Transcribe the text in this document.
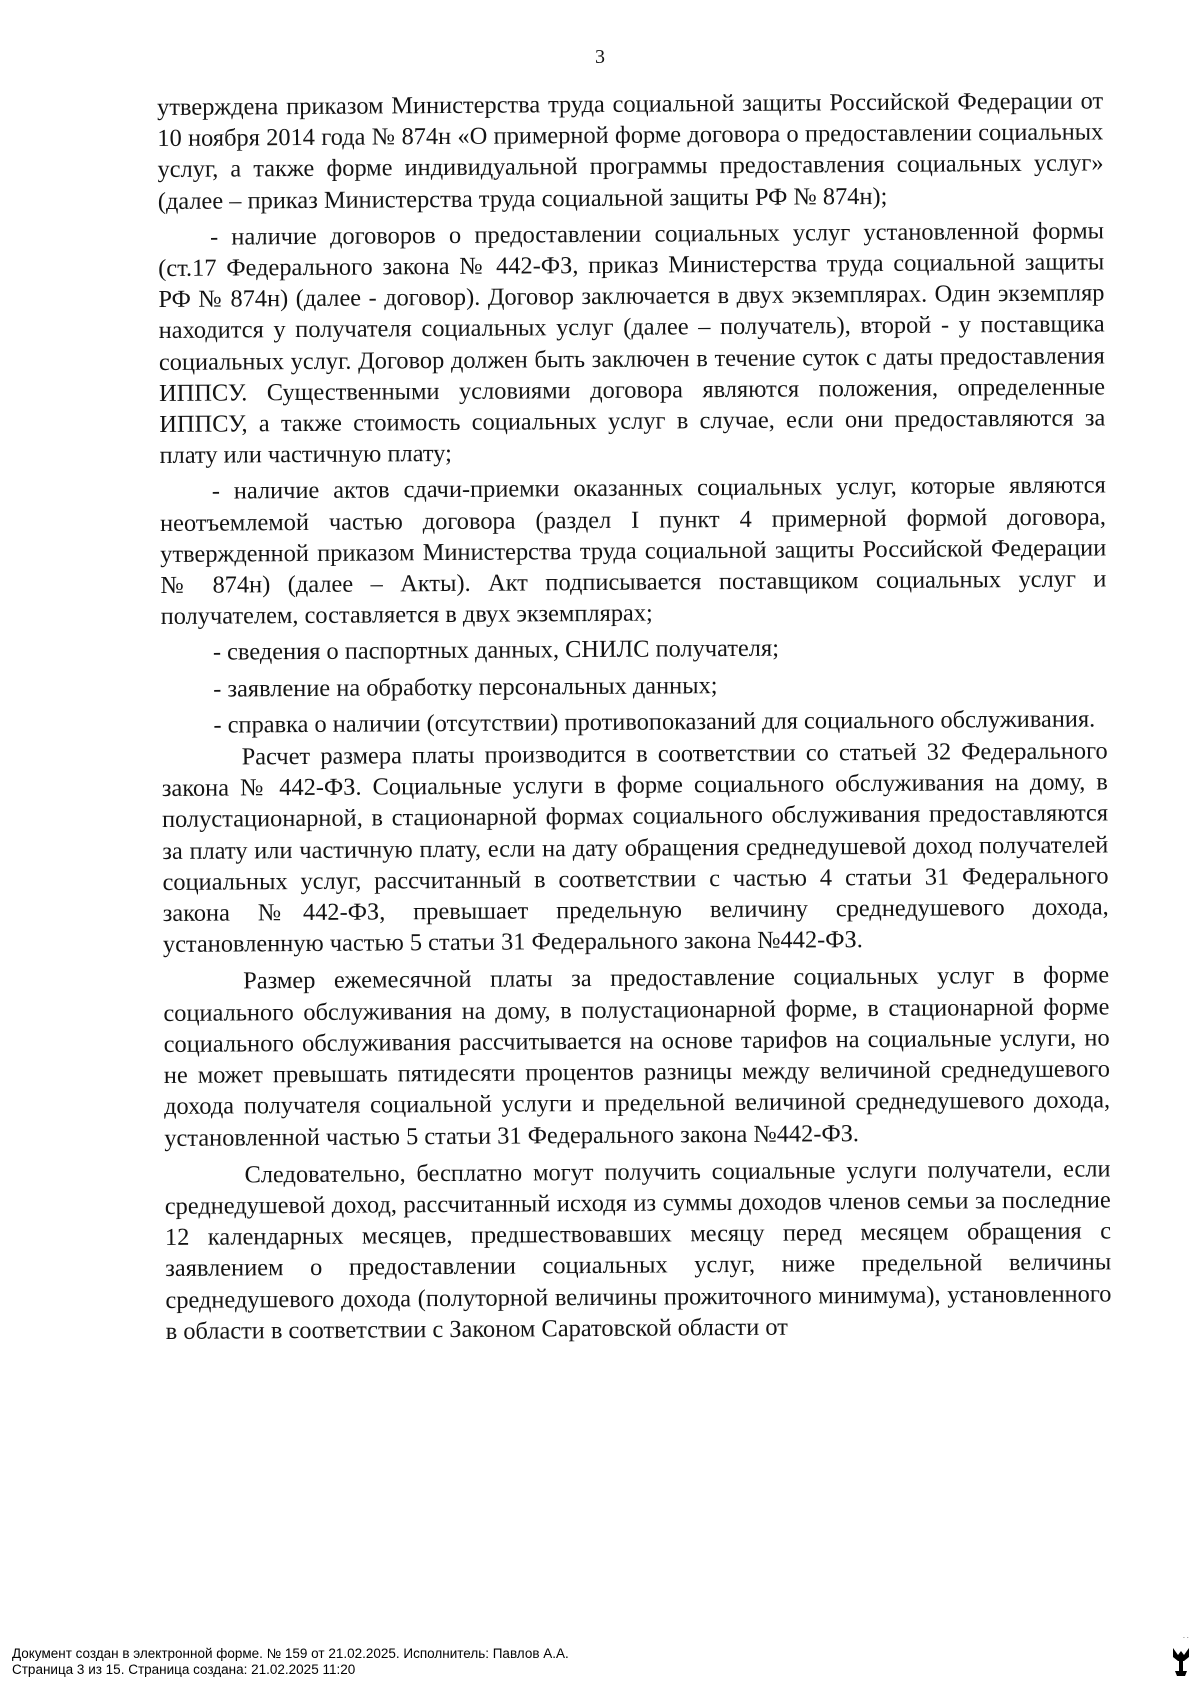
3

утверждена приказом Министерства труда социальной защиты Российской Федерации от 10 ноября 2014 года № 874н «О примерной форме договора о предоставлении социальных услуг, а также форме индивидуальной программы предоставления социальных услуг» (далее – приказ Министерства труда социальной защиты РФ № 874н);

- наличие договоров о предоставлении социальных услуг установленной формы (ст.17 Федерального закона № 442-ФЗ, приказ Министерства труда социальной защиты РФ № 874н) (далее - договор). Договор заключается в двух экземплярах. Один экземпляр находится у получателя социальных услуг (далее – получатель), второй - у поставщика социальных услуг. Договор должен быть заключен в течение суток с даты предоставления ИППСУ. Существенными условиями договора являются положения, определенные ИППСУ, а также стоимость социальных услуг в случае, если они предоставляются за плату или частичную плату;

- наличие актов сдачи-приемки оказанных социальных услуг, которые являются неотъемлемой частью договора (раздел I пункт 4 примерной формой договора, утвержденной приказом Министерства труда социальной защиты Российской Федерации № 874н) (далее – Акты). Акт подписывается поставщиком социальных услуг и получателем, составляется в двух экземплярах;

- сведения о паспортных данных, СНИЛС получателя;

- заявление на обработку персональных данных;

- справка о наличии (отсутствии) противопоказаний для социального обслуживания.

Расчет размера платы производится в соответствии со статьей 32 Федерального закона № 442-ФЗ. Социальные услуги в форме социального обслуживания на дому, в полустационарной, в стационарной формах социального обслуживания предоставляются за плату или частичную плату, если на дату обращения среднедушевой доход получателей социальных услуг, рассчитанный в соответствии с частью 4 статьи 31 Федерального закона №442-ФЗ, превышает предельную величину среднедушевого дохода, установленную частью 5 статьи 31 Федерального закона №442-ФЗ.

Размер ежемесячной платы за предоставление социальных услуг в форме социального обслуживания на дому, в полустационарной форме, в стационарной форме социального обслуживания рассчитывается на основе тарифов на социальные услуги, но не может превышать пятидесяти процентов разницы между величиной среднедушевого дохода получателя социальной услуги и предельной величиной среднедушевого дохода, установленной частью 5 статьи 31 Федерального закона №442-ФЗ.

Следовательно, бесплатно могут получить социальные услуги получатели, если среднедушевой доход, рассчитанный исходя из суммы доходов членов семьи за последние 12 календарных месяцев, предшествовавших месяцу перед месяцем обращения с заявлением о предоставлении социальных услуг, ниже предельной величины среднедушевого дохода (полуторной величины прожиточного минимума), установленного в области в соответствии с Законом Саратовской области от

Документ создан в электронной форме. № 159 от 21.02.2025. Исполнитель: Павлов А.А.
Страница 3 из 15. Страница создана: 21.02.2025 11:20
· ·
